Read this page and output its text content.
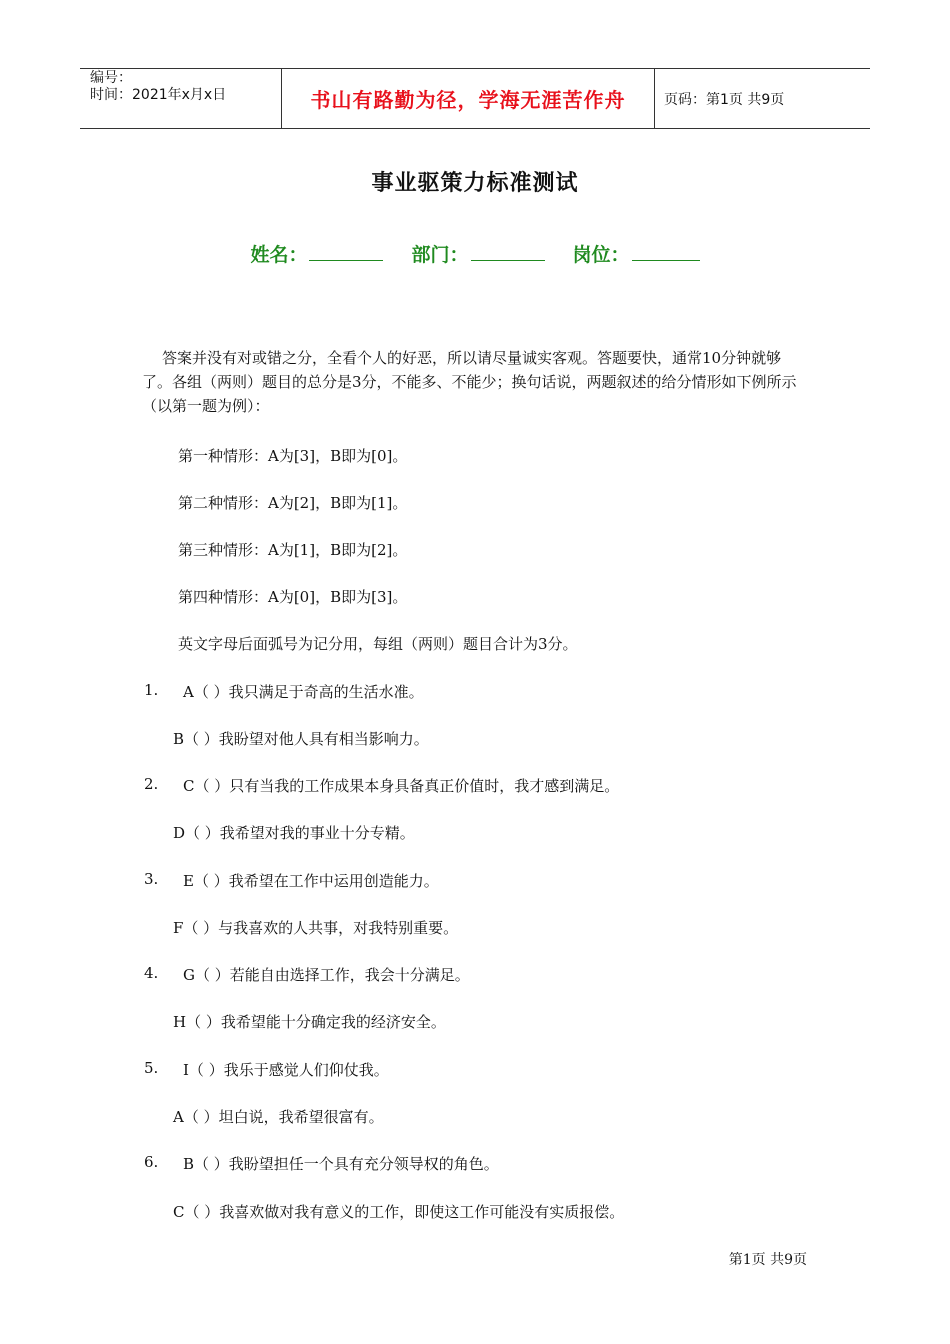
编号：
时间：2021年x月x日	书山有路勤为径，学海无涯苦作舟	页码：第1页 共9页
事业驱策力标准测试
姓名：	部门：	岗位：
答案并没有对或错之分，全看个人的好恶，所以请尽量诚实客观。答题要快，通常10分钟就够了。各组（两则）题目的总分是3分，不能多、不能少；换句话说，两题叙述的给分情形如下例所示（以第一题为例）：
第一种情形：A为[3]，B即为[0]。
第二种情形：A为[2]，B即为[1]。
第三种情形：A为[1]，B即为[2]。
第四种情形：A为[0]，B即为[3]。
英文字母后面弧号为记分用，每组（两则）题目合计为3分。
1. A（ ）我只满足于奇高的生活水准。
B（ ）我盼望对他人具有相当影响力。
2. C（ ）只有当我的工作成果本身具备真正价值时，我才感到满足。
D（ ）我希望对我的事业十分专精。
3. E（ ）我希望在工作中运用创造能力。
F（ ）与我喜欢的人共事，对我特别重要。
4. G（ ）若能自由选择工作，我会十分满足。
H（ ）我希望能十分确定我的经济安全。
5. I（ ）我乐于感觉人们仰仗我。
A（ ）坦白说，我希望很富有。
6. B（ ）我盼望担任一个具有充分领导权的角色。
C（ ）我喜欢做对我有意义的工作，即使这工作可能没有实质报偿。
第1页 共9页
